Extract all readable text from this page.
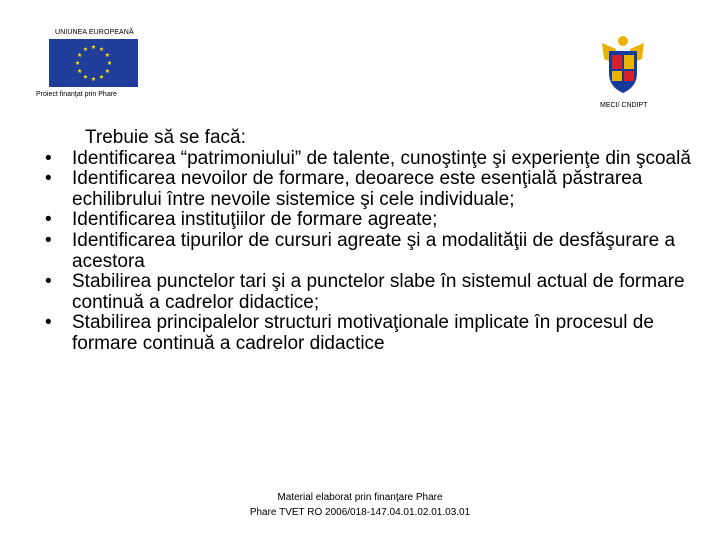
UNIUNEA EUROPEANĂ
Proiect finanţat prin Phare
MECI/ CNDIPT
Trebuie să se facă:
• Identificarea “patrimoniului” de talente, cunoştinţe şi experienţe din şcoală
• Identificarea nevoilor de formare, deoarece este esenţială păstrarea echilibrului între nevoile sistemice şi cele individuale;
• Identificarea instituţiilor de formare agreate;
• Identificarea tipurilor de cursuri agreate şi a modalităţii de desfăşurare a acestora
• Stabilirea punctelor tari şi a punctelor slabe în sistemul actual de formare continuă a cadrelor didactice;
• Stabilirea principalelor structuri motivaţionale implicate în procesul de formare continuă a cadrelor didactice
Material elaborat prin finanţare Phare
Phare TVET RO 2006/018-147.04.01.02.01.03.01
